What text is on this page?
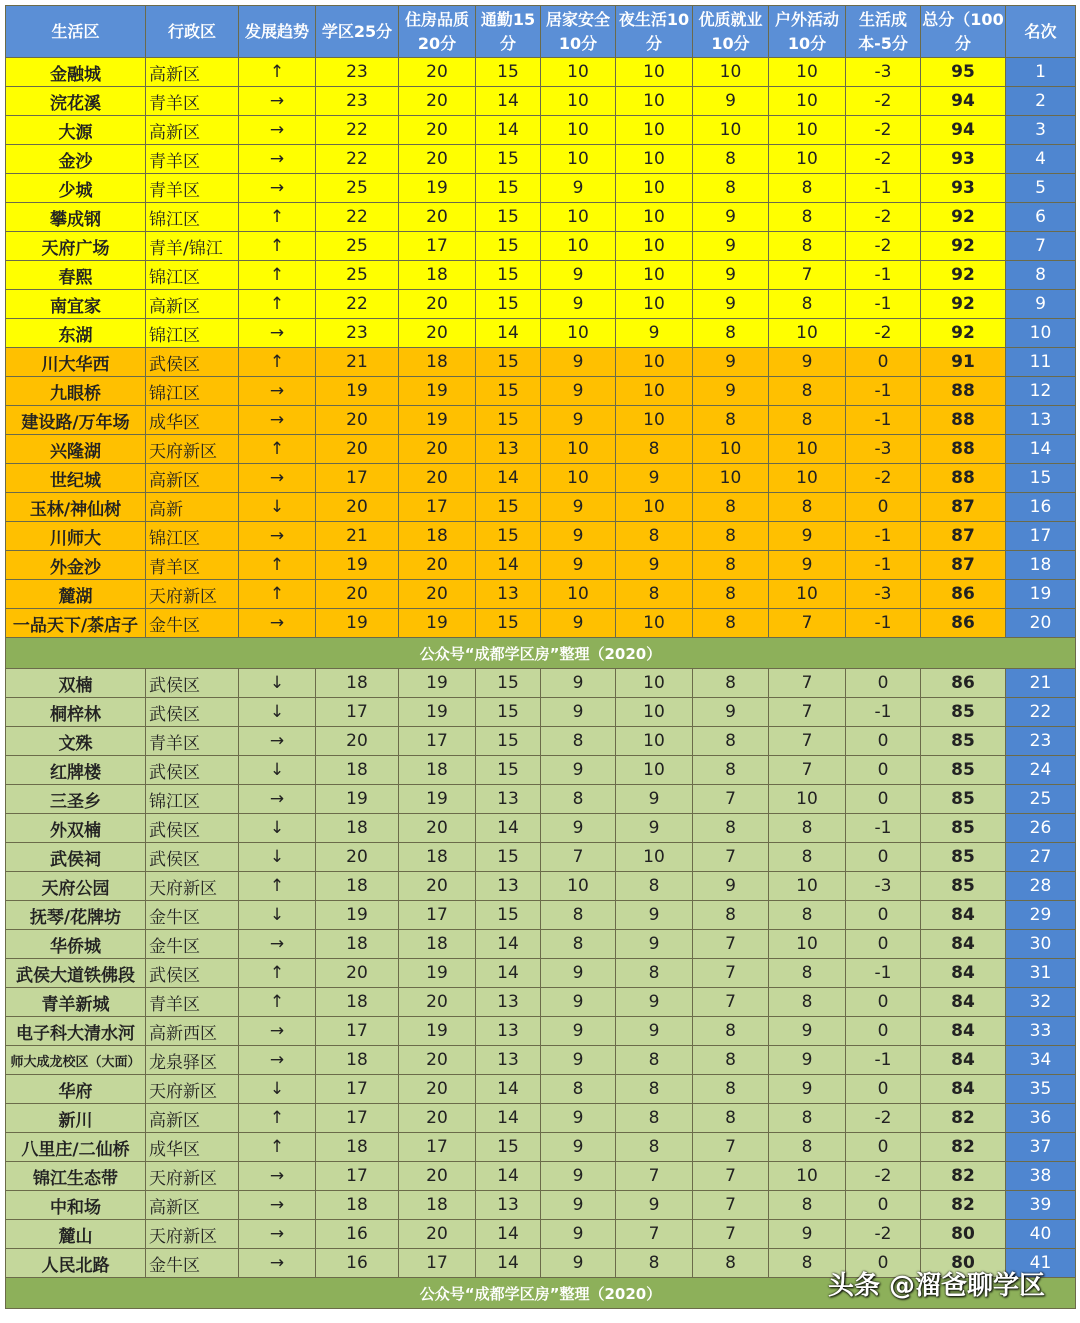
生活区	行政区	发展趋势	学区25分	住房品质20分	通勤15分	居家安全10分	夜生活10分	优质就业10分	户外活动10分	生活成本-5分	总分（100分	名次
金融城	高新区	↑	23	20	15	10	10	10	10	-3	95	1
浣花溪	青羊区	→	23	20	14	10	10	9	10	-2	94	2
大源	高新区	→	22	20	14	10	10	10	10	-2	94	3
金沙	青羊区	→	22	20	15	10	10	8	10	-2	93	4
少城	青羊区	→	25	19	15	9	10	8	8	-1	93	5
攀成钢	锦江区	↑	22	20	15	10	10	9	8	-2	92	6
天府广场	青羊/锦江	↑	25	17	15	10	10	9	8	-2	92	7
春熙	锦江区	↑	25	18	15	9	10	9	7	-1	92	8
南宜家	高新区	↑	22	20	15	9	10	9	8	-1	92	9
东湖	锦江区	→	23	20	14	10	9	8	10	-2	92	10
川大华西	武侯区	↑	21	18	15	9	10	9	9	0	91	11
九眼桥	锦江区	→	19	19	15	9	10	9	8	-1	88	12
建设路/万年场	成华区	→	20	19	15	9	10	8	8	-1	88	13
兴隆湖	天府新区	↑	20	20	13	10	8	10	10	-3	88	14
世纪城	高新区	→	17	20	14	10	9	10	10	-2	88	15
玉林/神仙树	高新	↓	20	17	15	9	10	8	8	0	87	16
川师大	锦江区	→	21	18	15	9	8	8	9	-1	87	17
外金沙	青羊区	↑	19	20	14	9	9	8	9	-1	87	18
麓湖	天府新区	↑	20	20	13	10	8	8	10	-3	86	19
一品天下/茶店子	金牛区	→	19	19	15	9	10	8	7	-1	86	20
公众号“成都学区房”整理（2020）												
双楠	武侯区	↓	18	19	15	9	10	8	7	0	86	21
桐梓林	武侯区	↓	17	19	15	9	10	9	7	-1	85	22
文殊	青羊区	→	20	17	15	8	10	8	7	0	85	23
红牌楼	武侯区	↓	18	18	15	9	10	8	7	0	85	24
三圣乡	锦江区	→	19	19	13	8	9	7	10	0	85	25
外双楠	武侯区	↓	18	20	14	9	9	8	8	-1	85	26
武侯祠	武侯区	↓	20	18	15	7	10	7	8	0	85	27
天府公园	天府新区	↑	18	20	13	10	8	9	10	-3	85	28
抚琴/花牌坊	金牛区	↓	19	17	15	8	9	8	8	0	84	29
华侨城	金牛区	→	18	18	14	8	9	7	10	0	84	30
武侯大道铁佛段	武侯区	↑	20	19	14	9	8	7	8	-1	84	31
青羊新城	青羊区	↑	18	20	13	9	9	7	8	0	84	32
电子科大清水河	高新西区	→	17	19	13	9	9	8	9	0	84	33
师大成龙校区（大面）	龙泉驿区	→	18	20	13	9	8	8	9	-1	84	34
华府	天府新区	↓	17	20	14	8	8	8	9	0	84	35
新川	高新区	↑	17	20	14	9	8	8	8	-2	82	36
八里庄/二仙桥	成华区	↑	18	17	15	9	8	7	8	0	82	37
锦江生态带	天府新区	→	17	20	14	9	7	7	10	-2	82	38
中和场	高新区	→	18	18	13	9	9	7	8	0	82	39
麓山	天府新区	→	16	20	14	9	7	7	9	-2	80	40
人民北路	金牛区	→	16	17	14	9	8	8	8	0	80	41
公众号“成都学区房”整理（2020）													头条 @溜爸聊学区
